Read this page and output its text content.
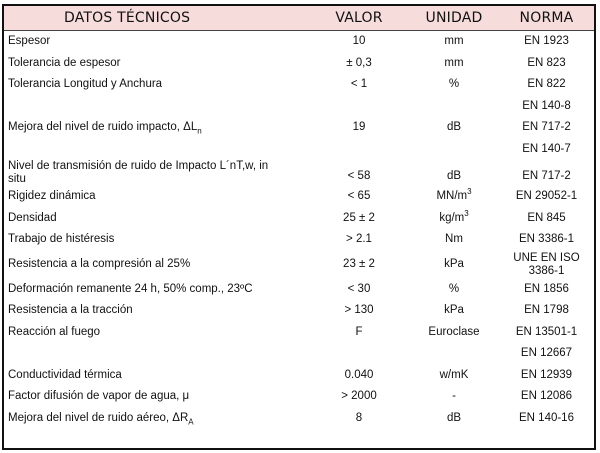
DATOS TÉCNICOS	VALOR	UNIDAD	NORMA
Espesor	10	mm	EN 1923
Tolerancia de espesor	± 0,3	mm	EN 823
Tolerancia Longitud y Anchura	< 1	%	EN 822
			EN 140-8
Mejora del nivel de ruido impacto, $\Delta L_n$	19	dB	EN 717-2
			EN 140-7
Nivel de transmisión de ruido de Impacto L´nT,w, in situ	< 58	dB	EN 717-2
Rigidez dinámica	< 65	$MN/m^3$	EN 29052-1
Densidad	25 ± 2	$kg/m^3$	EN 845
Trabajo de histéresis	> 2.1	Nm	EN 3386-1
Resistencia a la compresión al 25%	23 ± 2	kPa	UNE EN ISO 3386-1
Deformación remanente 24 h, 50% comp., 23ºC	< 30	%	EN 1856
Resistencia a la tracción	> 130	kPa	EN 1798
Reacción al fuego	F	Euroclase	EN 13501-1
			EN 12667
Conductividad térmica	0.040	w/mK	EN 12939
Factor difusión de vapor de agua, μ	> 2000	-	EN 12086
Mejora del nivel de ruido aéreo, $\Delta R_A$	8	dB	EN 140-16
